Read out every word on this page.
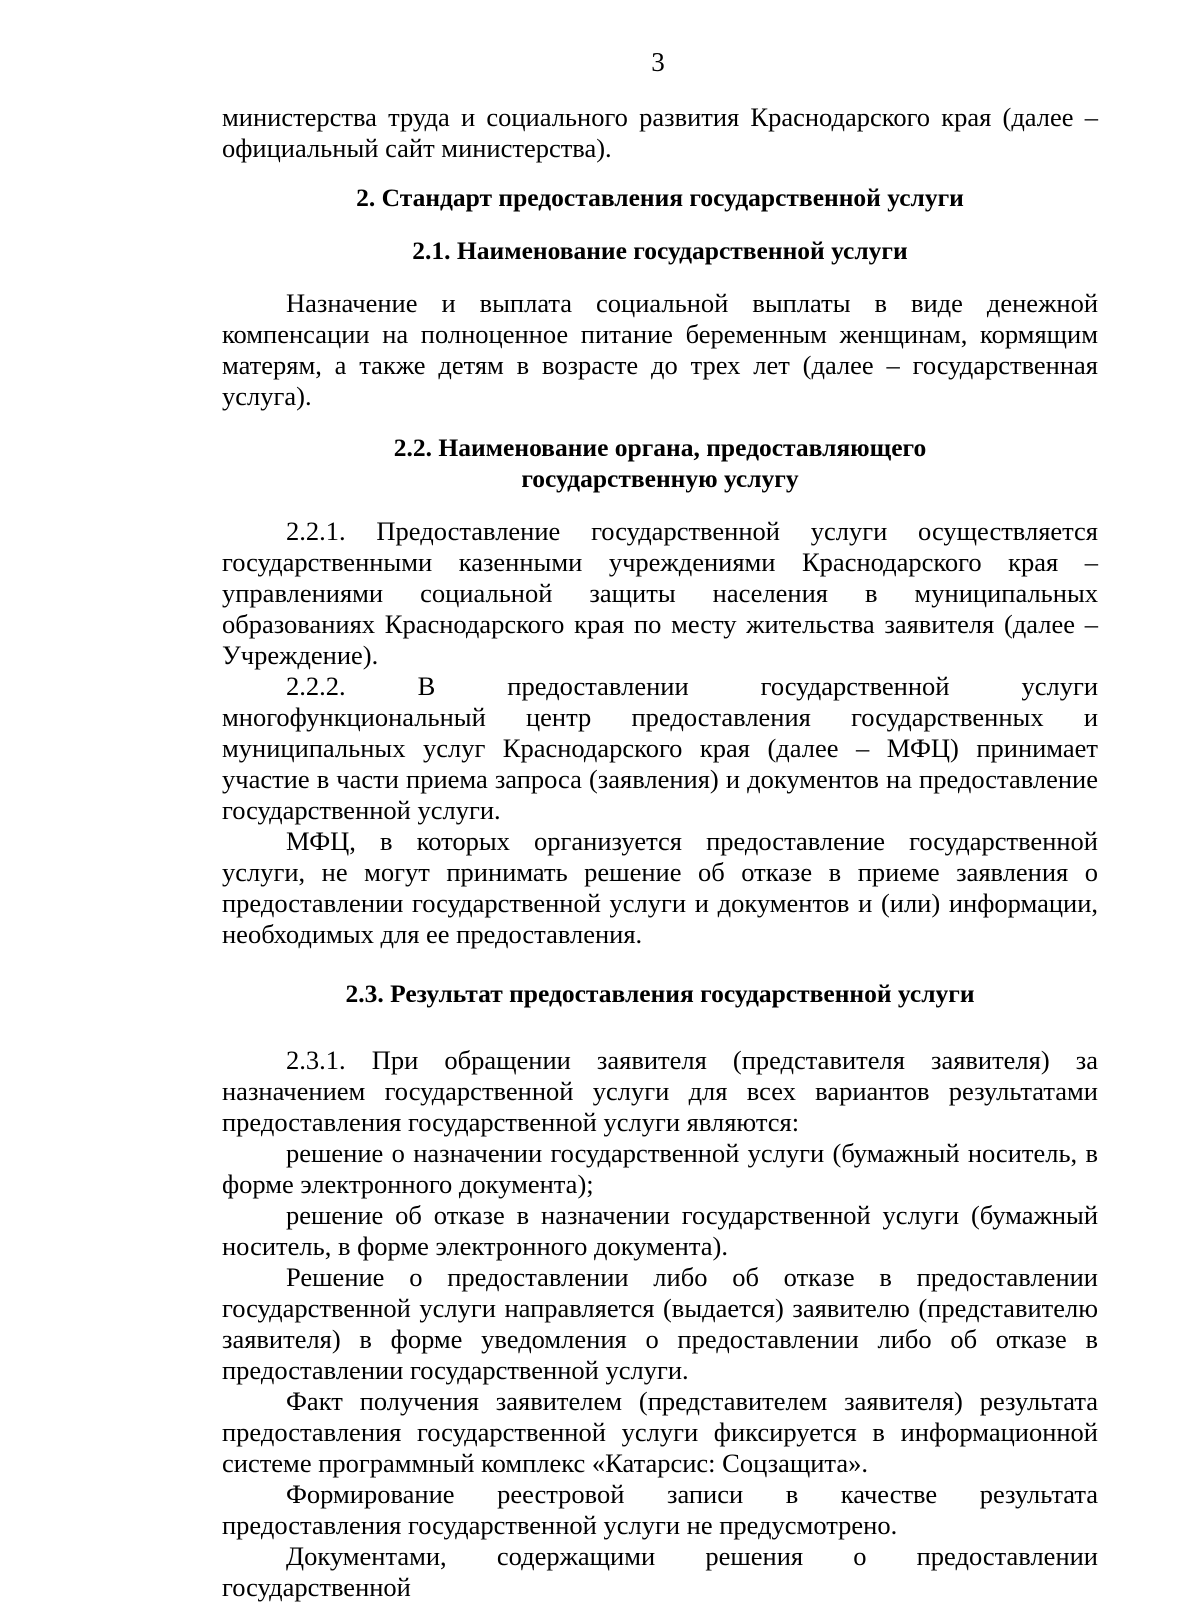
3

министерства труда и социального развития Краснодарского края (далее – официальный сайт министерства).

2. Стандарт предоставления государственной услуги

2.1. Наименование государственной услуги

Назначение и выплата социальной выплаты в виде денежной компенсации на полноценное питание беременным женщинам, кормящим матерям, а также детям в возрасте до трех лет (далее – государственная услуга).

2.2. Наименование органа, предоставляющего
государственную услугу

2.2.1. Предоставление государственной услуги осуществляется государственными казенными учреждениями Краснодарского края – управлениями социальной защиты населения в муниципальных образованиях Краснодарского края по месту жительства заявителя (далее – Учреждение).

2.2.2. В предоставлении государственной услуги многофункциональный центр предоставления государственных и муниципальных услуг Краснодарского края (далее – МФЦ) принимает участие в части приема запроса (заявления) и документов на предоставление государственной услуги.

МФЦ, в которых организуется предоставление государственной услуги, не могут принимать решение об отказе в приеме заявления о предоставлении государственной услуги и документов и (или) информации, необходимых для ее предоставления.

2.3. Результат предоставления государственной услуги

2.3.1. При обращении заявителя (представителя заявителя) за назначением государственной услуги для всех вариантов результатами предоставления государственной услуги являются:

решение о назначении государственной услуги (бумажный носитель, в форме электронного документа);

решение об отказе в назначении государственной услуги (бумажный носитель, в форме электронного документа).

Решение о предоставлении либо об отказе в предоставлении государственной услуги направляется (выдается) заявителю (представителю заявителя) в форме уведомления о предоставлении либо об отказе в предоставлении государственной услуги.

Факт получения заявителем (представителем заявителя) результата предоставления государственной услуги фиксируется в информационной системе программный комплекс «Катарсис: Соцзащита».

Формирование реестровой записи в качестве результата предоставления государственной услуги не предусмотрено.

Документами, содержащими решения о предоставлении государственной
